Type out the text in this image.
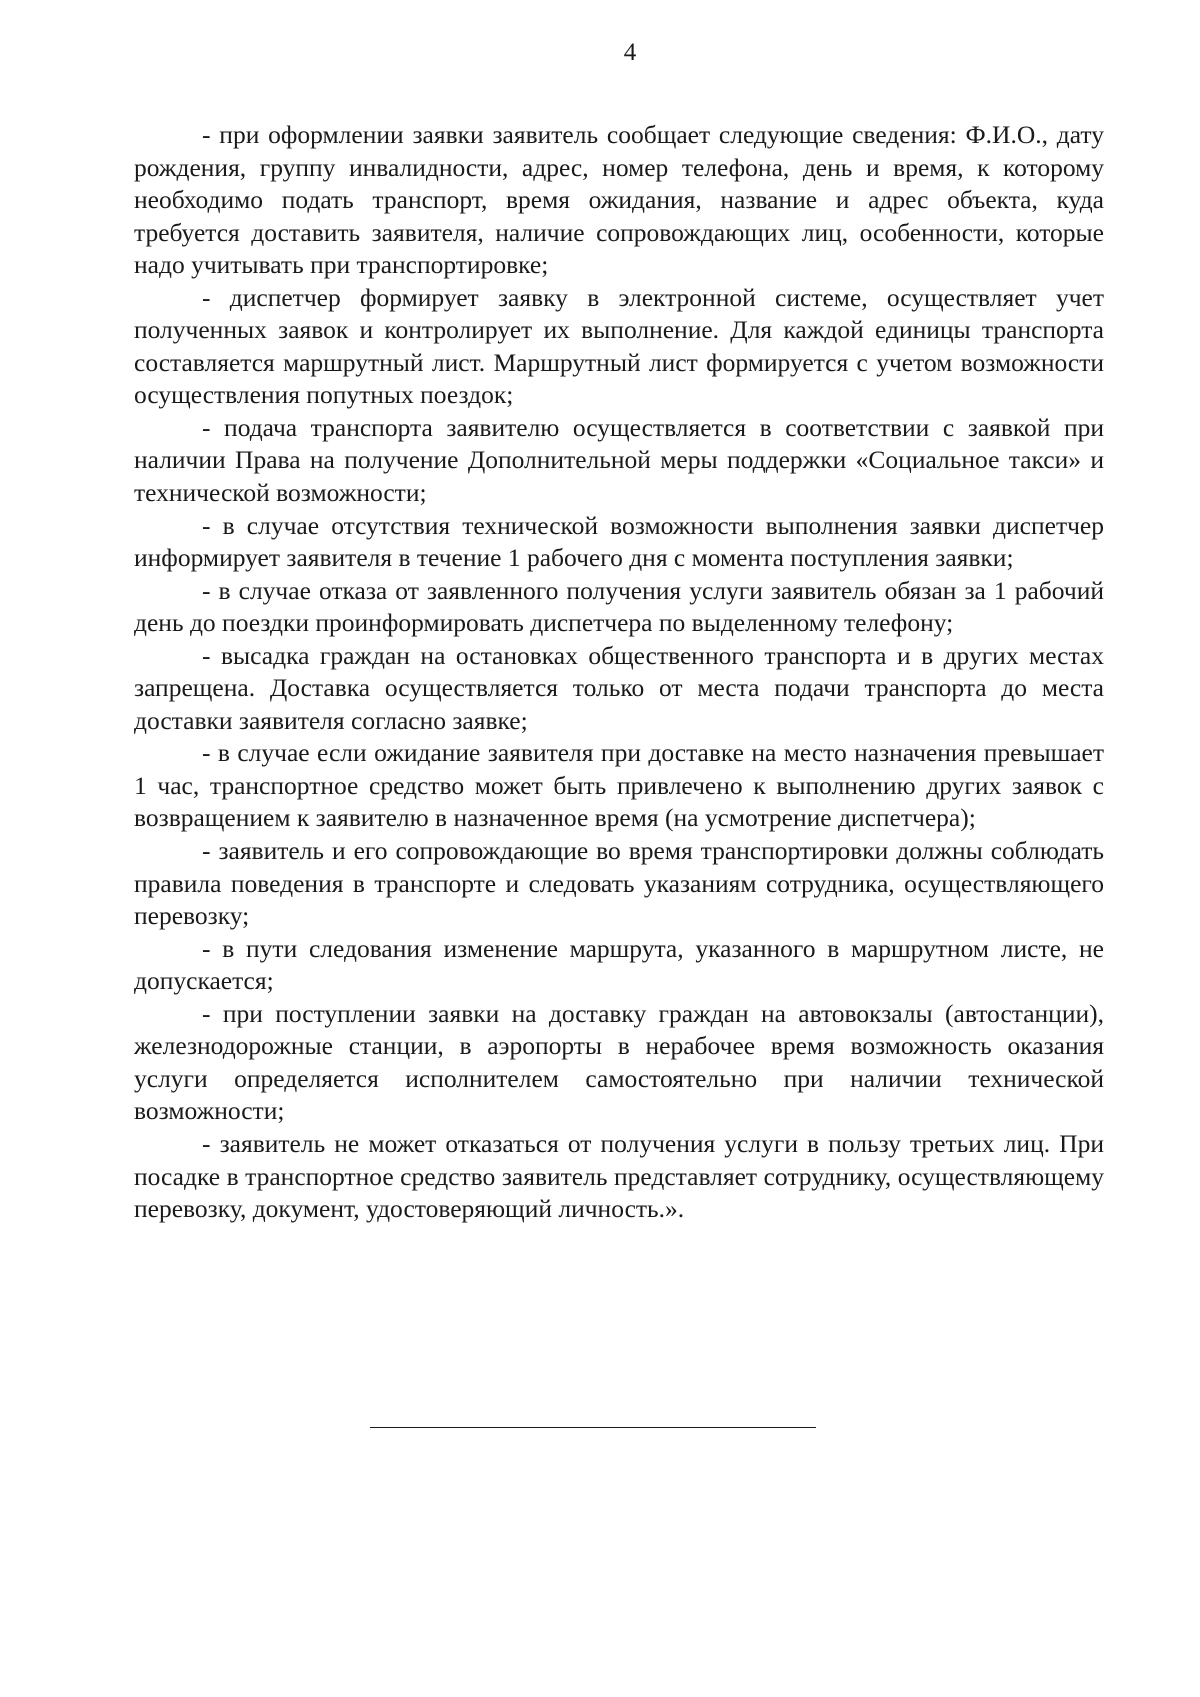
4

- при оформлении заявки заявитель сообщает следующие сведения: Ф.И.О., дату рождения, группу инвалидности, адрес, номер телефона, день и время, к которому необходимо подать транспорт, время ожидания, название и адрес объекта, куда требуется доставить заявителя, наличие сопровождающих лиц, особенности, которые надо учитывать при транспортировке;

- диспетчер формирует заявку в электронной системе, осуществляет учет полученных заявок и контролирует их выполнение. Для каждой единицы транспорта составляется маршрутный лист. Маршрутный лист формируется с учетом возможности осуществления попутных поездок;

- подача транспорта заявителю осуществляется в соответствии с заявкой при наличии Права на получение Дополнительной меры поддержки «Социальное такси» и технической возможности;

- в случае отсутствия технической возможности выполнения заявки диспетчер информирует заявителя в течение 1 рабочего дня с момента поступления заявки;

- в случае отказа от заявленного получения услуги заявитель обязан за 1 рабочий день до поездки проинформировать диспетчера по выделенному телефону;

- высадка граждан на остановках общественного транспорта и в других местах запрещена. Доставка осуществляется только от места подачи транспорта до места доставки заявителя согласно заявке;

- в случае если ожидание заявителя при доставке на место назначения превышает 1 час, транспортное средство может быть привлечено к выполнению других заявок с возвращением к заявителю в назначенное время (на усмотрение диспетчера);

- заявитель и его сопровождающие во время транспортировки должны соблюдать правила поведения в транспорте и следовать указаниям сотрудника, осуществляющего перевозку;

- в пути следования изменение маршрута, указанного в маршрутном листе, не допускается;

- при поступлении заявки на доставку граждан на автовокзалы (автостанции), железнодорожные станции, в аэропорты в нерабочее время возможность оказания услуги определяется исполнителем самостоятельно при наличии технической возможности;

- заявитель не может отказаться от получения услуги в пользу третьих лиц. При посадке в транспортное средство заявитель представляет сотруднику, осуществляющему перевозку, документ, удостоверяющий личность.».
